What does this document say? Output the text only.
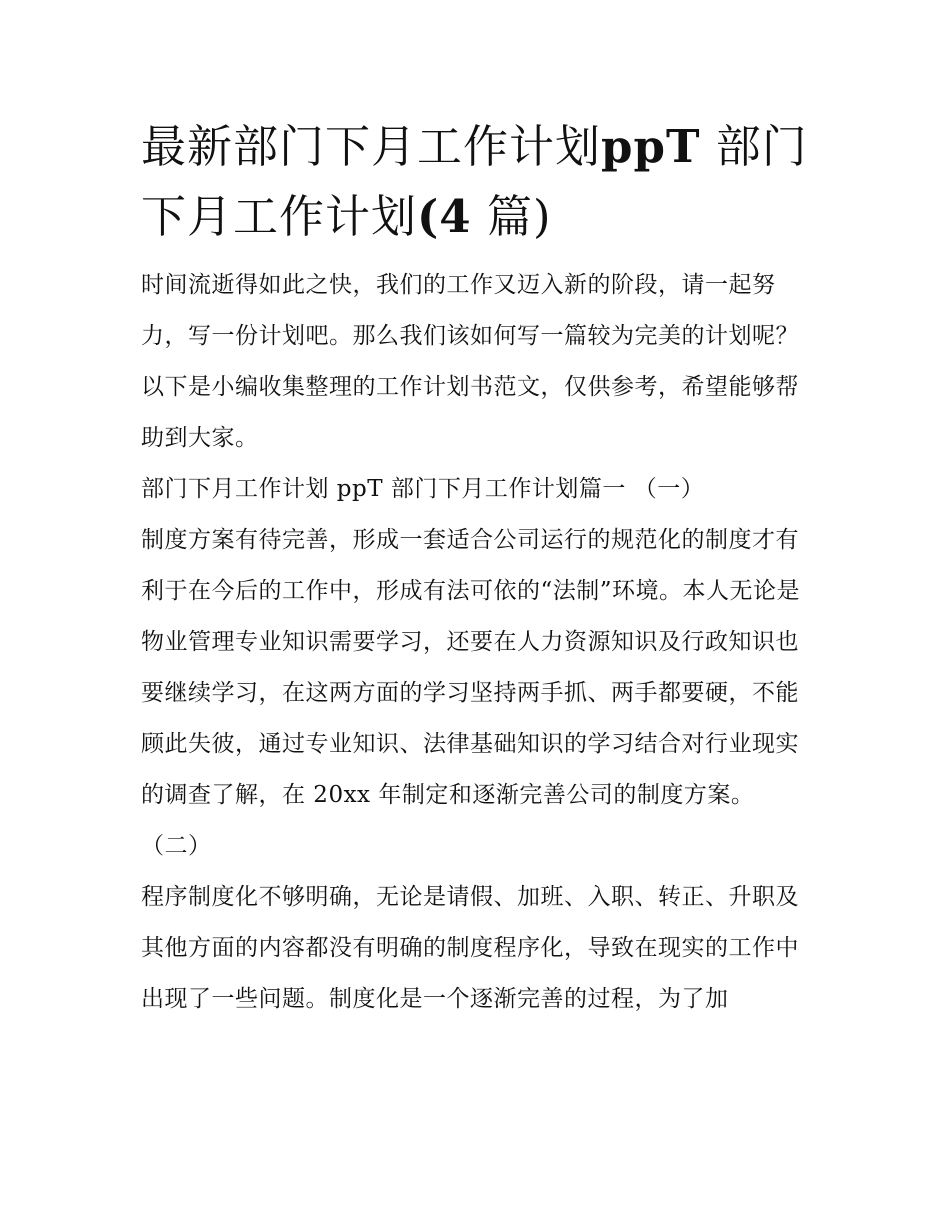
最新部门下月工作计划ppT 部门下月工作计划(4 篇)

时间流逝得如此之快，我们的工作又迈入新的阶段，请一起努力，写一份计划吧。那么我们该如何写一篇较为完美的计划呢？以下是小编收集整理的工作计划书范文，仅供参考，希望能够帮助到大家。

部门下月工作计划 ppT 部门下月工作计划篇一 （一）

制度方案有待完善，形成一套适合公司运行的规范化的制度才有利于在今后的工作中，形成有法可依的“法制”环境。本人无论是物业管理专业知识需要学习，还要在人力资源知识及行政知识也要继续学习，在这两方面的学习坚持两手抓、两手都要硬，不能顾此失彼，通过专业知识、法律基础知识的学习结合对行业现实的调查了解，在 20xx 年制定和逐渐完善公司的制度方案。

（二）

程序制度化不够明确，无论是请假、加班、入职、转正、升职及其他方面的内容都没有明确的制度程序化，导致在现实的工作中出现了一些问题。制度化是一个逐渐完善的过程，为了加
